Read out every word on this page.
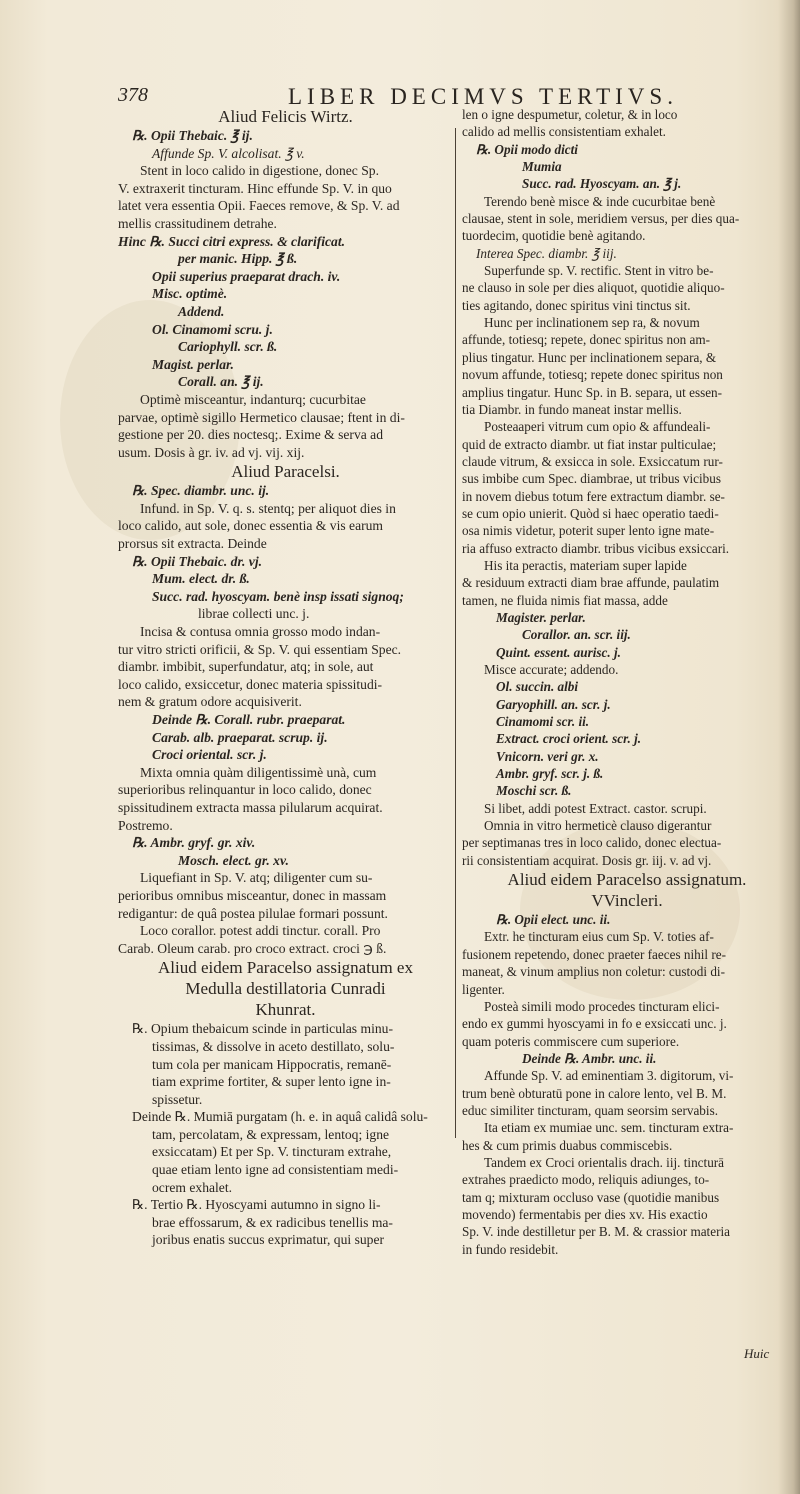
378	LIBER DECIMVS TERTIVS.
Aliud Felicis Wirtz.
℞. Opii Thebaic. ℥ ij.
Affunde Sp. V. alcolisat. ℥ v.
Stent in loco calido in digestione, donec Sp.
V. extraxerit tincturam. Hinc effunde Sp. V. in quo
latet vera essentia Opii. Faeces remove, & Sp. V. ad
mellis crassitudinem detrahe.
Hinc ℞. Succi citri express. & clarificat.
per manic. Hipp. ℥ ß.
Opii superius praeparat drach. iv.
Misc. optimè.
Addend.
Ol. Cinamomi scru. j.
Cariophyll. scr. ß.
Magist. perlar.
Corall. an. ℥ ij.
Optimè misceantur, indanturq; cucurbitae
parvae, optimè sigillo Hermetico clausae; ftent in di-
gestione per 20. dies noctesq;. Exime & serva ad
usum. Dosis à gr. iv. ad vj. vij. xij.
Aliud Paracelsi.
℞. Spec. diambr. unc. ij.
Infund. in Sp. V. q. s. stentq; per aliquot dies in
loco calido, aut sole, donec essentia & vis earum
prorsus sit extracta. Deinde
℞. Opii Thebaic. dr. vj.
Mum. elect. dr. ß.
Succ. rad. hyoscyam. benè insp issati signoq;
librae collecti unc. j.
Incisa & contusa omnia grosso modo indan-
tur vitro stricti orificii, & Sp. V. qui essentiam Spec.
diambr. imbibit, superfundatur, atq; in sole, aut
loco calido, exsiccetur, donec materia spissitudi-
nem & gratum odore acquisiverit.
Deinde ℞. Corall. rubr. praeparat.
Carab. alb. praeparat. scrup. ij.
Croci oriental. scr. j.
Mixta omnia quàm diligentissimè unà, cum
superioribus relinquantur in loco calido, donec
spissitudinem extracta massa pilularum acquirat.
Postremo.
℞. Ambr. gryf. gr. xiv.
Mosch. elect. gr. xv.
Liquefiant in Sp. V. atq; diligenter cum su-
perioribus omnibus misceantur, donec in massam
redigantur: de quâ postea pilulae formari possunt.
Loco corallor. potest addi tinctur. corall. Pro
Carab. Oleum carab. pro croco extract. croci ℈ ß.
Aliud eidem Paracelso assignatum ex
Medulla destillatoria Cunradi
Khunrat.
℞. Opium thebaicum scinde in particulas minu-
tissimas, & dissolve in aceto destillato, solu-
tum cola per manicam Hippocratis, remanē-
tiam exprime fortiter, & super lento igne in-
spissetur.
Deinde ℞. Mumiā purgatam (h. e. in aquâ calidâ solu-
tam, percolatam, & expressam, lentoq; igne
exsiccatam) Et per Sp. V. tincturam extrahe,
quae etiam lento igne ad consistentiam medi-
ocrem exhalet.
℞. Tertio ℞. Hyoscyami autumno in signo li-
brae effossarum, & ex radicibus tenellis ma-
joribus enatis succus exprimatur, qui super
len o igne despumetur, coletur, & in loco
calido ad mellis consistentiam exhalet.
℞. Opii modo dicti
Mumia
Succ. rad. Hyoscyam. an. ℥ j.
Terendo benè misce & inde cucurbitae benè
clausae, stent in sole, meridiem versus, per dies qua-
tuordecim, quotidie benè agitando.
Interea Spec. diambr. ℥ iij.
Superfunde sp. V. rectific. Stent in vitro be-
ne clauso in sole per dies aliquot, quotidie aliquo-
ties agitando, donec spiritus vini tinctus sit.
Hunc per inclinationem sep ra, & novum
affunde, totiesq; repete, donec spiritus non am-
plius tingatur. Hunc per inclinationem separa, &
novum affunde, totiesq; repete donec spiritus non
amplius tingatur. Hunc Sp. in B. separa, ut essen-
tia Diambr. in fundo maneat instar mellis.
Posteaaperi vitrum cum opio & affundeali-
quid de extracto diambr. ut fiat instar pulticulae;
claude vitrum, & exsicca in sole. Exsiccatum rur-
sus imbibe cum Spec. diambrae, ut tribus vicibus
in novem diebus totum fere extractum diambr. se-
se cum opio unierit. Quòd si haec operatio taedi-
osa nimis videtur, poterit super lento igne mate-
ria affuso extracto diambr. tribus vicibus exsiccari.
His ita peractis, materiam super lapide
& residuum extracti diam brae affunde, paulatim
tamen, ne fluida nimis fiat massa, adde
Magister. perlar.
Corallor. an. scr. iij.
Quint. essent. aurisc. j.
Misce accurate; addendo.
Ol. succin. albi
Garyophill. an. scr. j.
Cinamomi scr. ii.
Extract. croci orient. scr. j.
Vnicorn. veri gr. x.
Ambr. gryf. scr. j. ß.
Moschi scr. ß.
Si libet, addi potest Extract. castor. scrupi.
Omnia in vitro hermeticè clauso digerantur
per septimanas tres in loco calido, donec electua-
rii consistentiam acquirat. Dosis gr. iij. v. ad vj.
Aliud eidem Paracelso assignatum.
VVincleri.
℞. Opii elect. unc. ii.
Extr. he tincturam eius cum Sp. V. toties af-
fusionem repetendo, donec praeter faeces nihil re-
maneat, & vinum amplius non coletur: custodi di-
ligenter.
Posteà simili modo procedes tincturam elici-
endo ex gummi hyoscyami in fo e exsiccati unc. j.
quam poteris commiscere cum superiore.
Deinde ℞. Ambr. unc. ii.
Affunde Sp. V. ad eminentiam 3. digitorum, vi-
trum benè obturatū pone in calore lento, vel B. M.
educ similiter tincturam, quam seorsim servabis.
Ita etiam ex mumiae unc. sem. tincturam extra-
hes & cum primis duabus commiscebis.
Tandem ex Croci orientalis drach. iij. tincturā
extrahes praedicto modo, reliquis adiunges, to-
tam q; mixturam occluso vase (quotidie manibus
movendo) fermentabis per dies xv. His exactio
Sp. V. inde destilletur per B. M. & crassior materia
in fundo residebit.
Huic
